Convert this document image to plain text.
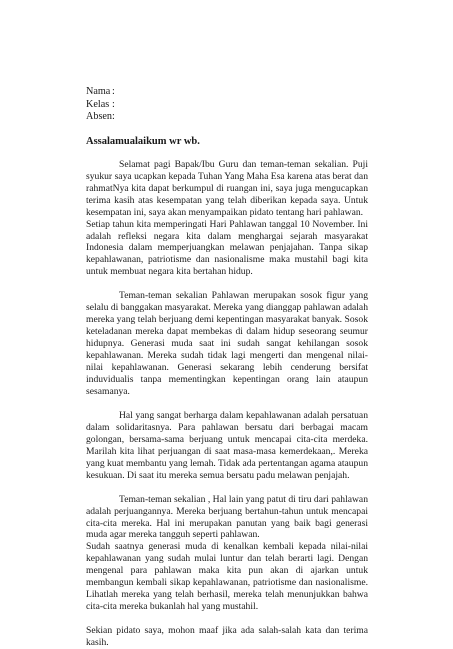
Nama :
Kelas :
Absen :
Assalamualaikum wr wb.

Selamat pagi Bapak/Ibu Guru dan teman-teman sekalian. Puji syukur saya ucapkan kepada Tuhan Yang Maha Esa karena atas berat dan rahmatNya kita dapat berkumpul di ruangan ini, saya juga mengucapkan terima kasih atas kesempatan yang telah diberikan kepada saya. Untuk kesempatan ini, saya akan menyampaikan pidato tentang hari pahlawan.

Setiap tahun kita memperingati Hari Pahlawan tanggal 10 November. Ini adalah refleksi negara kita dalam menghargai sejarah masyarakat Indonesia dalam memperjuangkan melawan penjajahan. Tanpa sikap kepahlawanan, patriotisme dan nasionalisme maka mustahil bagi kita untuk membuat negara kita bertahan hidup.

Teman-teman sekalian Pahlawan merupakan sosok figur yang selalu di banggakan masyarakat. Mereka yang dianggap pahlawan adalah mereka yang telah berjuang demi kepentingan masyarakat banyak. Sosok keteladanan mereka dapat membekas di dalam hidup seseorang seumur hidupnya. Generasi muda saat ini sudah sangat kehilangan sosok kepahlawanan. Mereka sudah tidak lagi mengerti dan mengenal nilai-nilai kepahlawanan. Generasi sekarang lebih cenderung bersifat induvidualis tanpa mementingkan kepentingan orang lain ataupun sesamanya.

Hal yang sangat berharga dalam kepahlawanan adalah persatuan dalam solidaritasnya. Para pahlawan bersatu dari berbagai macam golongan, bersama-sama berjuang untuk mencapai cita-cita merdeka. Marilah kita lihat perjuangan di saat masa-masa kemerdekaan,. Mereka yang kuat membantu yang lemah. Tidak ada pertentangan agama ataupun kesukuan. Di saat itu mereka semua bersatu padu melawan penjajah.

Teman-teman sekalian , Hal lain yang patut di tiru dari pahlawan adalah perjuangannya. Mereka berjuang bertahun-tahun untuk mencapai cita-cita mereka. Hal ini merupakan panutan yang baik bagi generasi muda agar mereka tangguh seperti pahlawan.

Sudah saatnya generasi muda di kenalkan kembali kepada nilai-nilai kepahlawanan yang sudah mulai luntur dan telah berarti lagi. Dengan mengenal para pahlawan maka kita pun akan di ajarkan untuk membangun kembali sikap kepahlawanan, patriotisme dan nasionalisme. Lihatlah mereka yang telah berhasil, mereka telah menunjukkan bahwa cita-cita mereka bukanlah hal yang mustahil.

Sekian pidato saya, mohon maaf jika ada salah-salah kata dan terima kasih.
